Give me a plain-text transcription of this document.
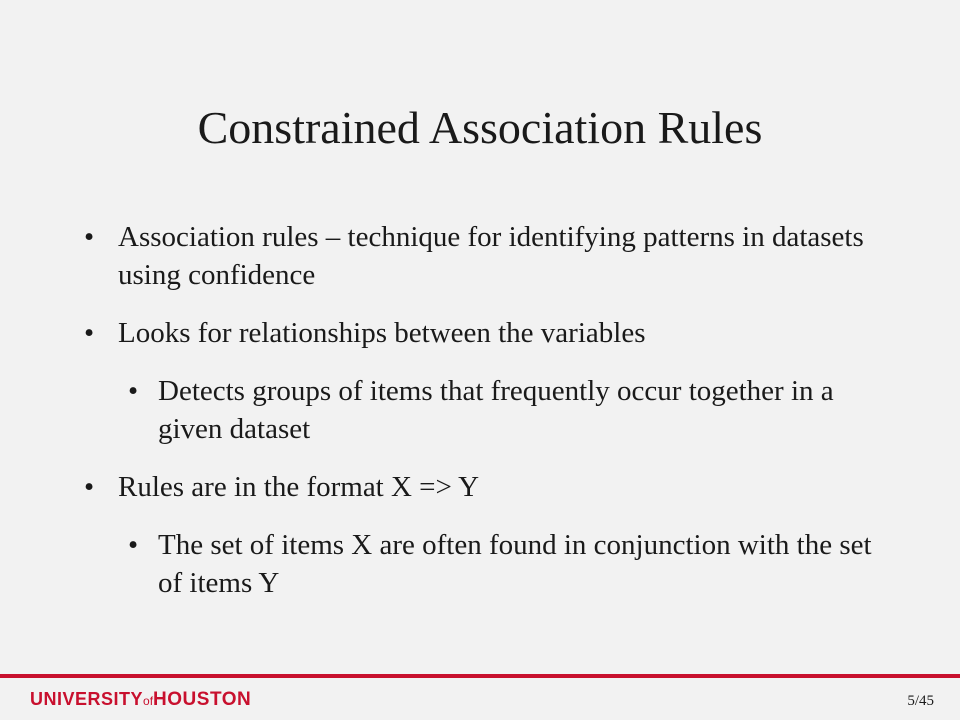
Constrained Association Rules
• Association rules – technique for identifying patterns in datasets using confidence
• Looks for relationships between the variables
• Detects groups of items that frequently occur together in a given dataset
• Rules are in the format X => Y
• The set of items X are often found in conjunction with the set of items Y
UNIVERSITYofHOUSTON	5/45
